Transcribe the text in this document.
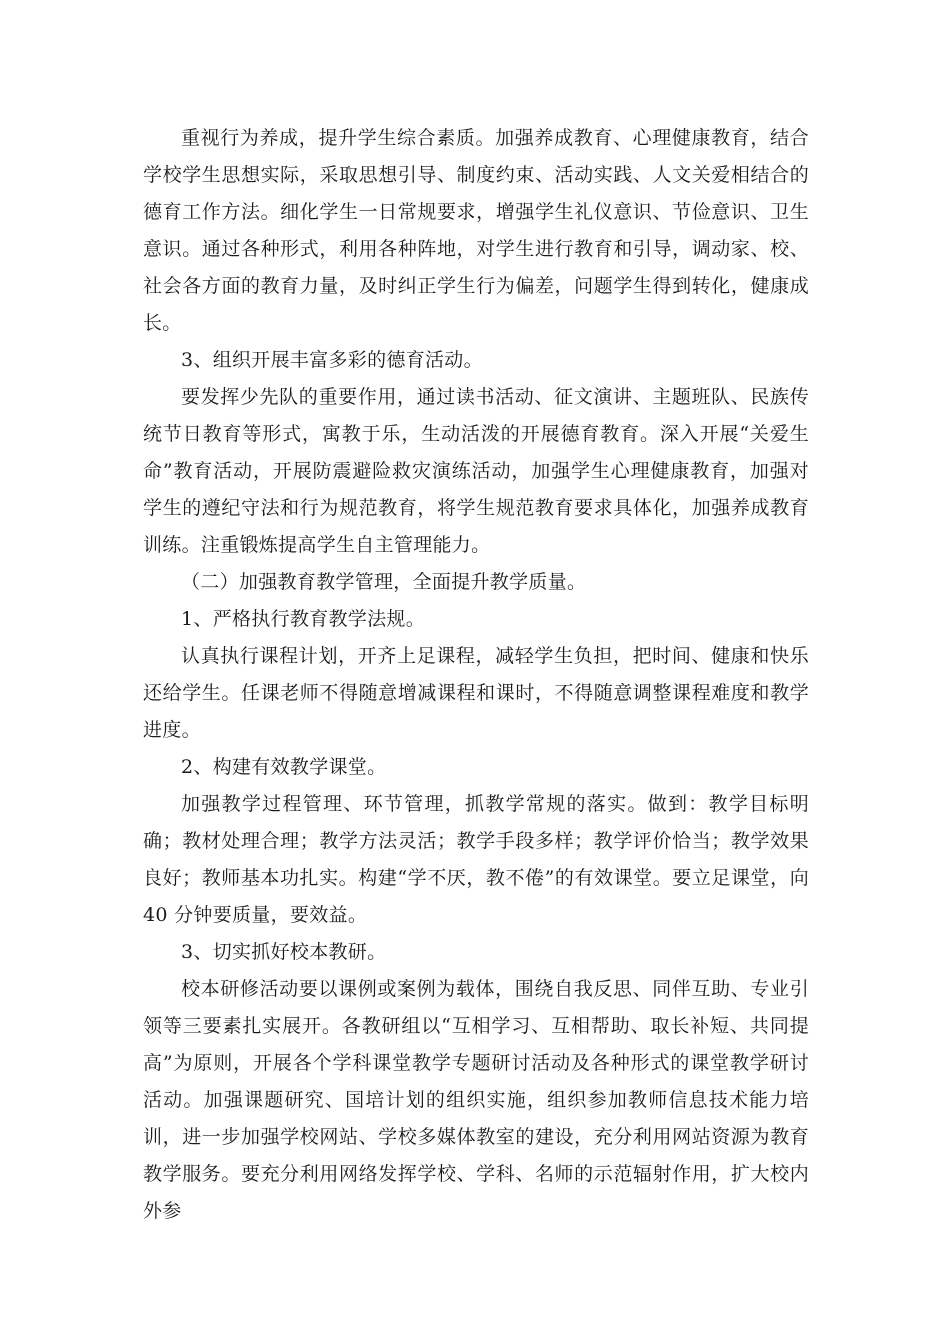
重视行为养成，提升学生综合素质。加强养成教育、心理健康教育，结合学校学生思想实际，采取思想引导、制度约束、活动实践、人文关爱相结合的德育工作方法。细化学生一日常规要求，增强学生礼仪意识、节俭意识、卫生意识。通过各种形式，利用各种阵地，对学生进行教育和引导，调动家、校、社会各方面的教育力量，及时纠正学生行为偏差，问题学生得到转化，健康成长。

3、组织开展丰富多彩的德育活动。

要发挥少先队的重要作用，通过读书活动、征文演讲、主题班队、民族传统节日教育等形式，寓教于乐，生动活泼的开展德育教育。深入开展“关爱生命”教育活动，开展防震避险救灾演练活动，加强学生心理健康教育，加强对学生的遵纪守法和行为规范教育，将学生规范教育要求具体化，加强养成教育训练。注重锻炼提高学生自主管理能力。

（二）加强教育教学管理，全面提升教学质量。

1、严格执行教育教学法规。

认真执行课程计划，开齐上足课程，减轻学生负担，把时间、健康和快乐还给学生。任课老师不得随意增减课程和课时，不得随意调整课程难度和教学进度。

2、构建有效教学课堂。

加强教学过程管理、环节管理，抓教学常规的落实。做到：教学目标明确；教材处理合理；教学方法灵活；教学手段多样；教学评价恰当；教学效果良好；教师基本功扎实。构建“学不厌，教不倦”的有效课堂。要立足课堂，向 40 分钟要质量，要效益。

3、切实抓好校本教研。

校本研修活动要以课例或案例为载体，围绕自我反思、同伴互助、专业引领等三要素扎实展开。各教研组以“互相学习、互相帮助、取长补短、共同提高”为原则，开展各个学科课堂教学专题研讨活动及各种形式的课堂教学研讨活动。加强课题研究、国培计划的组织实施，组织参加教师信息技术能力培训，进一步加强学校网站、学校多媒体教室的建设，充分利用网站资源为教育教学服务。要充分利用网络发挥学校、学科、名师的示范辐射作用，扩大校内外参
